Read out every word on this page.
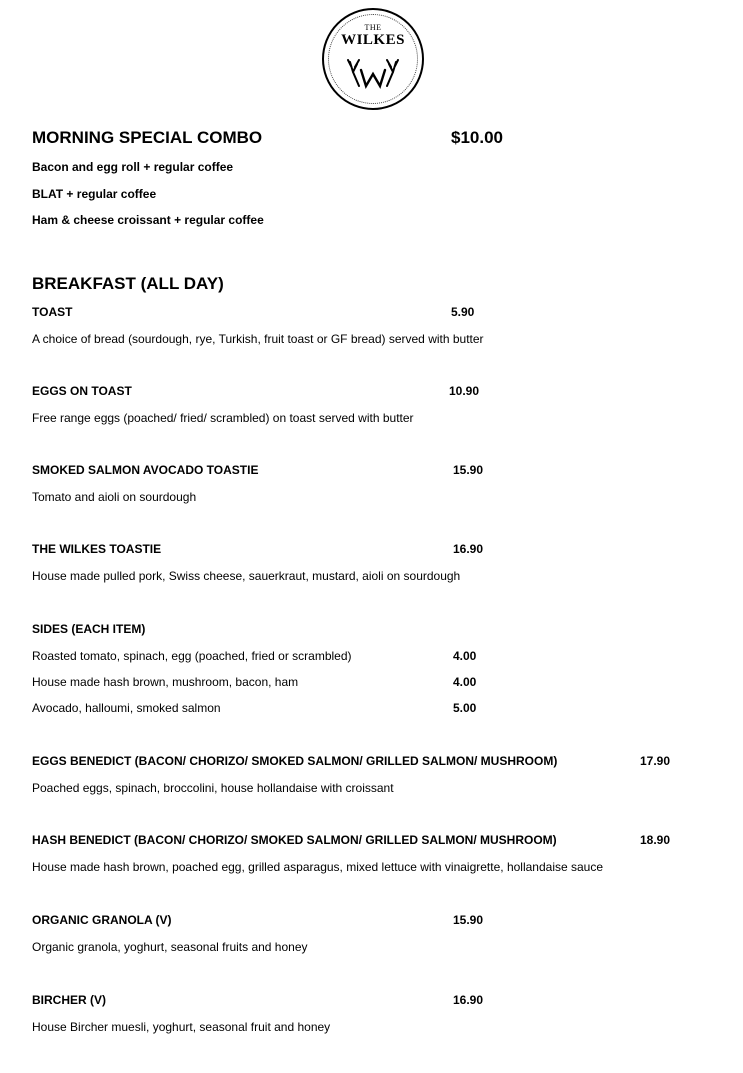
THE
WILKES
MORNING SPECIAL COMBO	$10.00
Bacon and egg roll + regular coffee
BLAT + regular coffee
Ham & cheese croissant + regular coffee
BREAKFAST (ALL DAY)
TOAST	5.90
A choice of bread (sourdough, rye, Turkish, fruit toast or GF bread) served with butter
EGGS ON TOAST	10.90
Free range eggs (poached/ fried/ scrambled) on toast served with butter
SMOKED SALMON AVOCADO TOASTIE	15.90
Tomato and aioli on sourdough
THE WILKES TOASTIE	16.90
House made pulled pork, Swiss cheese, sauerkraut, mustard, aioli on sourdough
SIDES (EACH ITEM)
Roasted tomato, spinach, egg (poached, fried or scrambled)	4.00
House made hash brown, mushroom, bacon, ham	4.00
Avocado, halloumi, smoked salmon	5.00
EGGS BENEDICT (BACON/ CHORIZO/ SMOKED SALMON/ GRILLED SALMON/ MUSHROOM)	17.90
Poached eggs, spinach, broccolini, house hollandaise with croissant
HASH BENEDICT (BACON/ CHORIZO/ SMOKED SALMON/ GRILLED SALMON/ MUSHROOM)	18.90
House made hash brown, poached egg, grilled asparagus, mixed lettuce with vinaigrette, hollandaise sauce
ORGANIC GRANOLA (V)	15.90
Organic granola, yoghurt, seasonal fruits and honey
BIRCHER (V)	16.90
House Bircher muesli, yoghurt, seasonal fruit and honey
